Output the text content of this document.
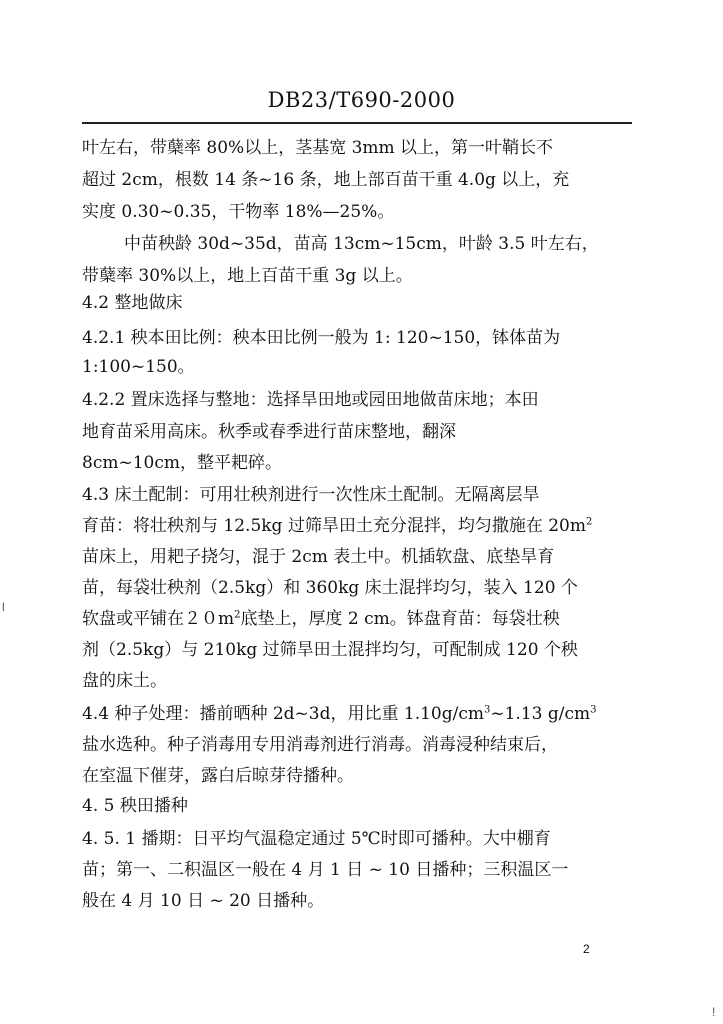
DB23/T690-2000
叶左右，带蘖率 80%以上，茎基宽 3mm 以上，第一叶鞘长不
超过 2cm，根数 14 条~16 条，地上部百苗干重 4.0g 以上，充
实度 0.30~0.35，干物率 18%—25%。
中苗秧龄 30d~35d，苗高 13cm~15cm，叶龄 3.5 叶左右，
带蘖率 30%以上，地上百苗干重 3g 以上。
4.2 整地做床
4.2.1 秧本田比例：秧本田比例一般为 1: 120~150，钵体苗为
1:100~150。
4.2.2 置床选择与整地：选择旱田地或园田地做苗床地；本田
地育苗采用高床。秋季或春季进行苗床整地，翻深
8cm~10cm，整平耙碎。
4.3 床土配制：可用壮秧剂进行一次性床土配制。无隔离层旱
育苗：将壮秧剂与 12.5kg 过筛旱田土充分混拌，均匀撒施在 $20m^2$
苗床上，用耙子挠匀，混于 2cm 表土中。机插软盘、底垫旱育
苗，每袋壮秧剂（2.5kg）和 360kg 床土混拌均匀，装入 120 个
软盘或平铺在$20m^2$底垫上，厚度 2 cm。钵盘育苗：每袋壮秧
剂（2.5kg）与 210kg 过筛旱田土混拌均匀，可配制成 120 个秧
盘的床土。
4.4 种子处理：播前晒种 2d~3d，用比重 $1.10g/cm^3\sim 1.13$ $g/cm^3$
盐水选种。种子消毒用专用消毒剂进行消毒。消毒浸种结束后，
在室温下催芽，露白后晾芽待播种。
4. 5 秧田播种
4. 5. 1 播期：日平均气温稳定通过 5℃时即可播种。大中棚育
苗；第一、二积温区一般在 4 月 1 日 ~ 10 日播种；三积温区一
般在 4 月 10 日 ~ 20 日播种。
2
l
!
